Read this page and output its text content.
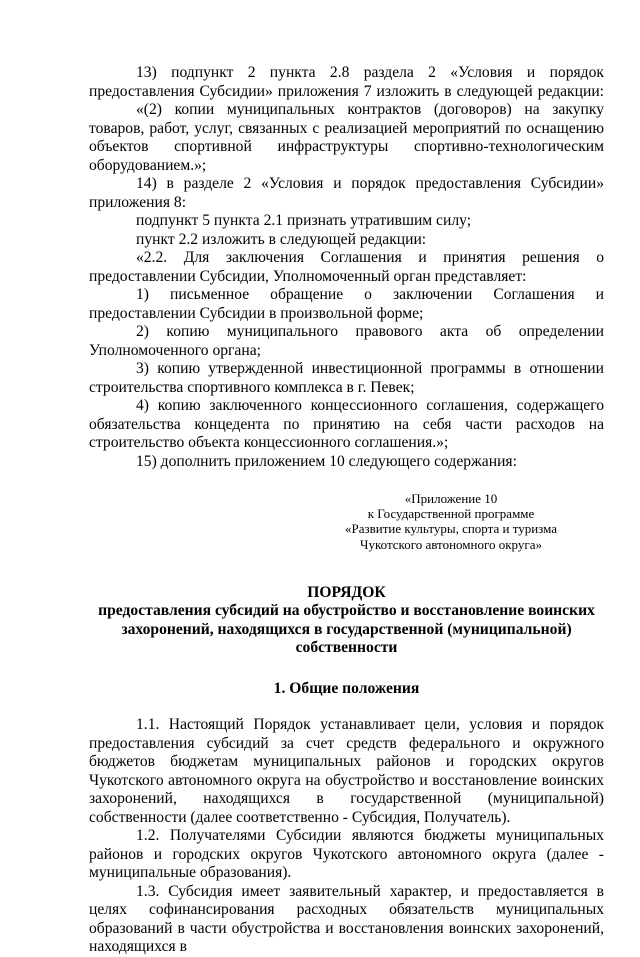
13) подпункт 2 пункта 2.8 раздела 2 «Условия и порядок предоставления Субсидии» приложения 7 изложить в следующей редакции:

«(2) копии муниципальных контрактов (договоров) на закупку товаров, работ, услуг, связанных с реализацией мероприятий по оснащению объектов спортивной инфраструктуры спортивно-технологическим оборудованием.»;

14) в разделе 2 «Условия и порядок предоставления Субсидии» приложения 8:

подпункт 5 пункта 2.1 признать утратившим силу;

пункт 2.2 изложить в следующей редакции:

«2.2. Для заключения Соглашения и принятия решения о предоставлении Субсидии, Уполномоченный орган представляет:

1) письменное обращение о заключении Соглашения и предоставлении Субсидии в произвольной форме;

2) копию муниципального правового акта об определении Уполномоченного органа;

3) копию утвержденной инвестиционной программы в отношении строительства спортивного комплекса в г. Певек;

4) копию заключенного концессионного соглашения, содержащего обязательства концедента по принятию на себя части расходов на строительство объекта концессионного соглашения.»;

15) дополнить приложением 10 следующего содержания:

«Приложение 10
к Государственной программе
«Развитие культуры, спорта и туризма
Чукотского автономного округа»
ПОРЯДОК
предоставления субсидий на обустройство и восстановление воинских
захоронений, находящихся в государственной (муниципальной)
собственности
1. Общие положения

1.1. Настоящий Порядок устанавливает цели, условия и порядок предоставления субсидий за счет средств федерального и окружного бюджетов бюджетам муниципальных районов и городских округов Чукотского автономного округа на обустройство и восстановление воинских захоронений, находящихся в государственной (муниципальной) собственности (далее соответственно - Субсидия, Получатель).

1.2. Получателями Субсидии являются бюджеты муниципальных районов и городских округов Чукотского автономного округа (далее - муниципальные образования).

1.3. Субсидия имеет заявительный характер, и предоставляется в целях софинансирования расходных обязательств муниципальных образований в части обустройства и восстановления воинских захоронений, находящихся в
